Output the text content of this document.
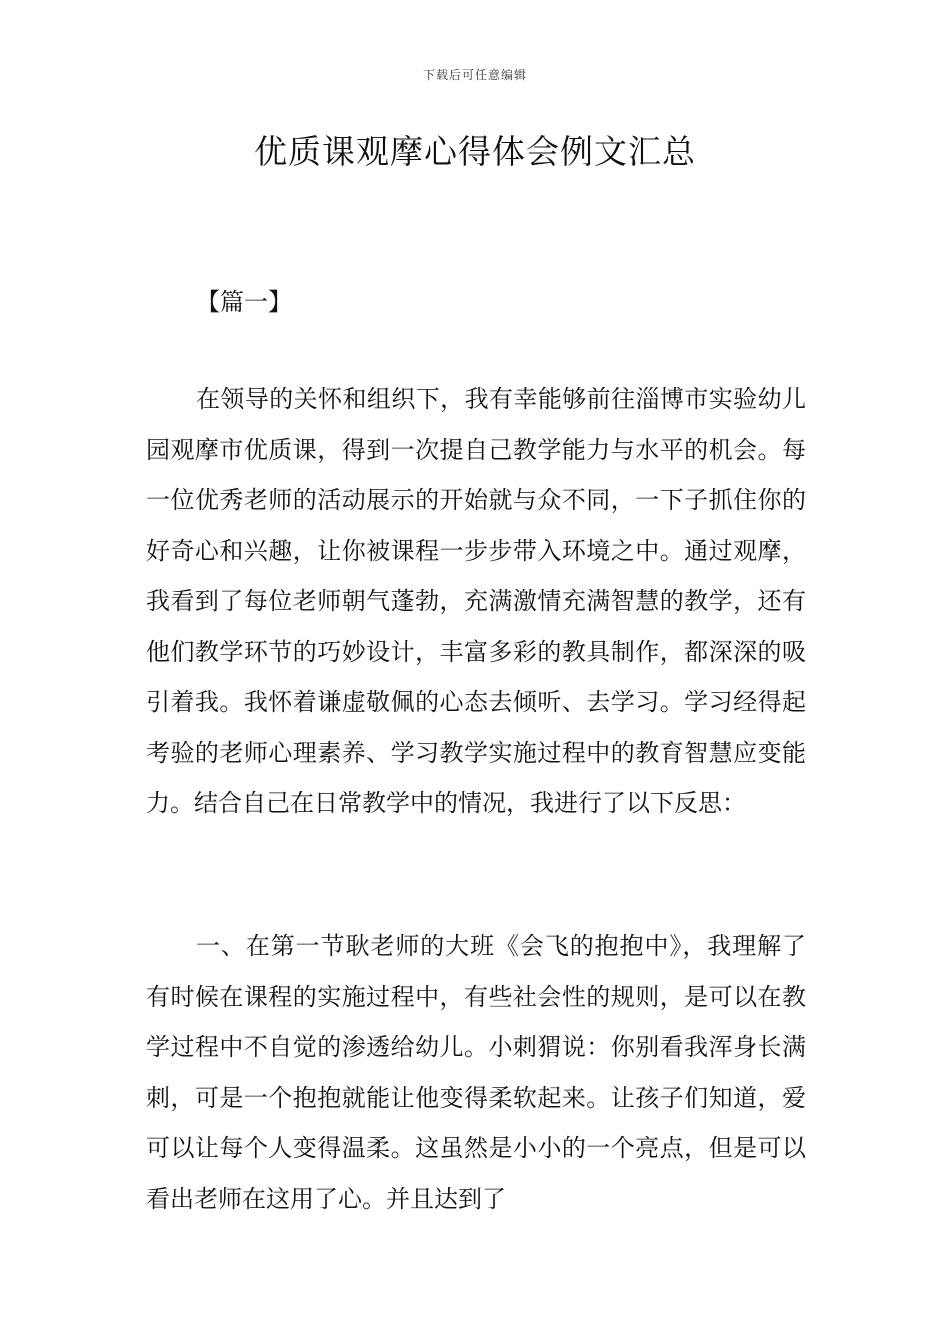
下载后可任意编辑
优质课观摩心得体会例文汇总

【篇一】

在领导的关怀和组织下，我有幸能够前往淄博市实验幼儿园观摩市优质课，得到一次提自己教学能力与水平的机会。每一位优秀老师的活动展示的开始就与众不同，一下子抓住你的好奇心和兴趣，让你被课程一步步带入环境之中。通过观摩，我看到了每位老师朝气蓬勃，充满激情充满智慧的教学，还有他们教学环节的巧妙设计，丰富多彩的教具制作，都深深的吸引着我。我怀着谦虚敬佩的心态去倾听、去学习。学习经得起考验的老师心理素养、学习教学实施过程中的教育智慧应变能力。结合自己在日常教学中的情况，我进行了以下反思：

一、在第一节耿老师的大班《会飞的抱抱中》，我理解了有时候在课程的实施过程中，有些社会性的规则，是可以在教学过程中不自觉的渗透给幼儿。小刺猬说：你别看我浑身长满刺，可是一个抱抱就能让他变得柔软起来。让孩子们知道，爱可以让每个人变得温柔。这虽然是小小的一个亮点，但是可以看出老师在这用了心。并且达到了
